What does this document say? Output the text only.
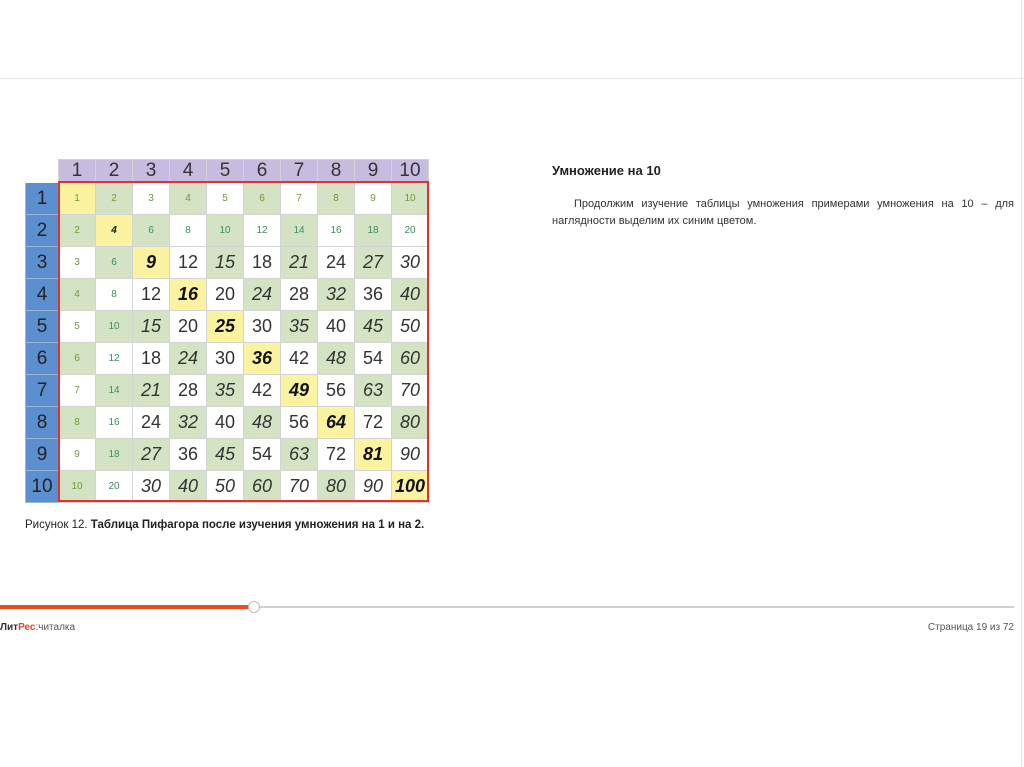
	1	2	3	4	5	6	7	8	9	10
1	1	2	3	4	5	6	7	8	9	10
2	2	4	6	8	10	12	14	16	18	20
3	3	6	9	12	15	18	21	24	27	30
4	4	8	12	16	20	24	28	32	36	40
5	5	10	15	20	25	30	35	40	45	50
6	6	12	18	24	30	36	42	48	54	60
7	7	14	21	28	35	42	49	56	63	70
8	8	16	24	32	40	48	56	64	72	80
9	9	18	27	36	45	54	63	72	81	90
10	10	20	30	40	50	60	70	80	90	100
Рисунок 12. Таблица Пифагора после изучения умножения на 1 и на 2.
Умножение на 10
Продолжим изучение таблицы умножения примерами умножения на 10 – для наглядности выделим их синим цветом.
ЛитРес:читалка	Страница 19 из 72
